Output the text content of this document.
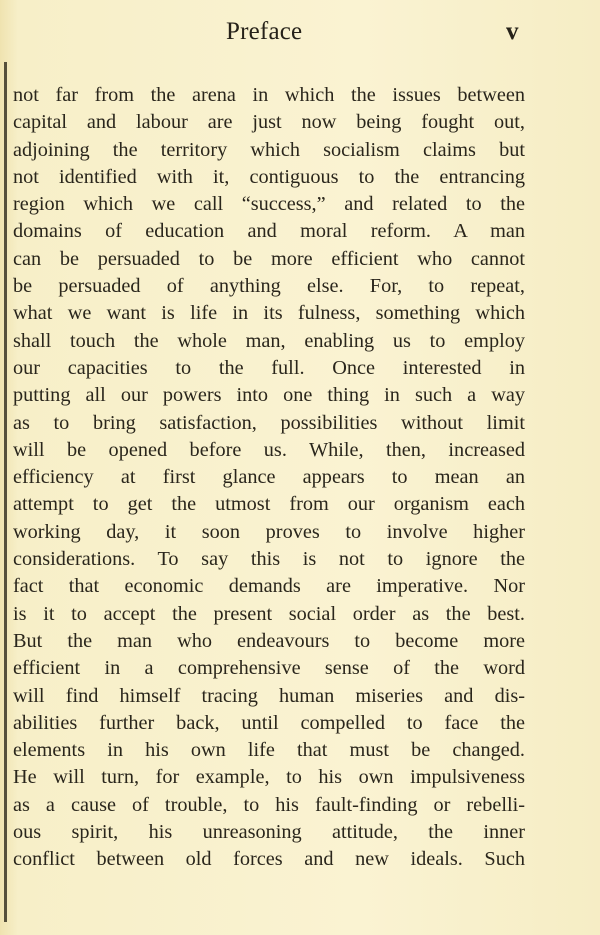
Preface	v
not far from the arena in which the issues between
capital and labour are just now being fought out,
adjoining the territory which socialism claims but
not identified with it, contiguous to the entrancing
region which we call “success,” and related to the
domains of education and moral reform. A man
can be persuaded to be more efficient who cannot
be persuaded of anything else. For, to repeat,
what we want is life in its fulness, something which
shall touch the whole man, enabling us to employ
our capacities to the full. Once interested in
putting all our powers into one thing in such a way
as to bring satisfaction, possibilities without limit
will be opened before us. While, then, increased
efficiency at first glance appears to mean an
attempt to get the utmost from our organism each
working day, it soon proves to involve higher
considerations. To say this is not to ignore the
fact that economic demands are imperative. Nor
is it to accept the present social order as the best.
But the man who endeavours to become more
efficient in a comprehensive sense of the word
will find himself tracing human miseries and dis-
abilities further back, until compelled to face the
elements in his own life that must be changed.
He will turn, for example, to his own impulsiveness
as a cause of trouble, to his fault-finding or rebelli-
ous spirit, his unreasoning attitude, the inner
conflict between old forces and new ideals. Such
